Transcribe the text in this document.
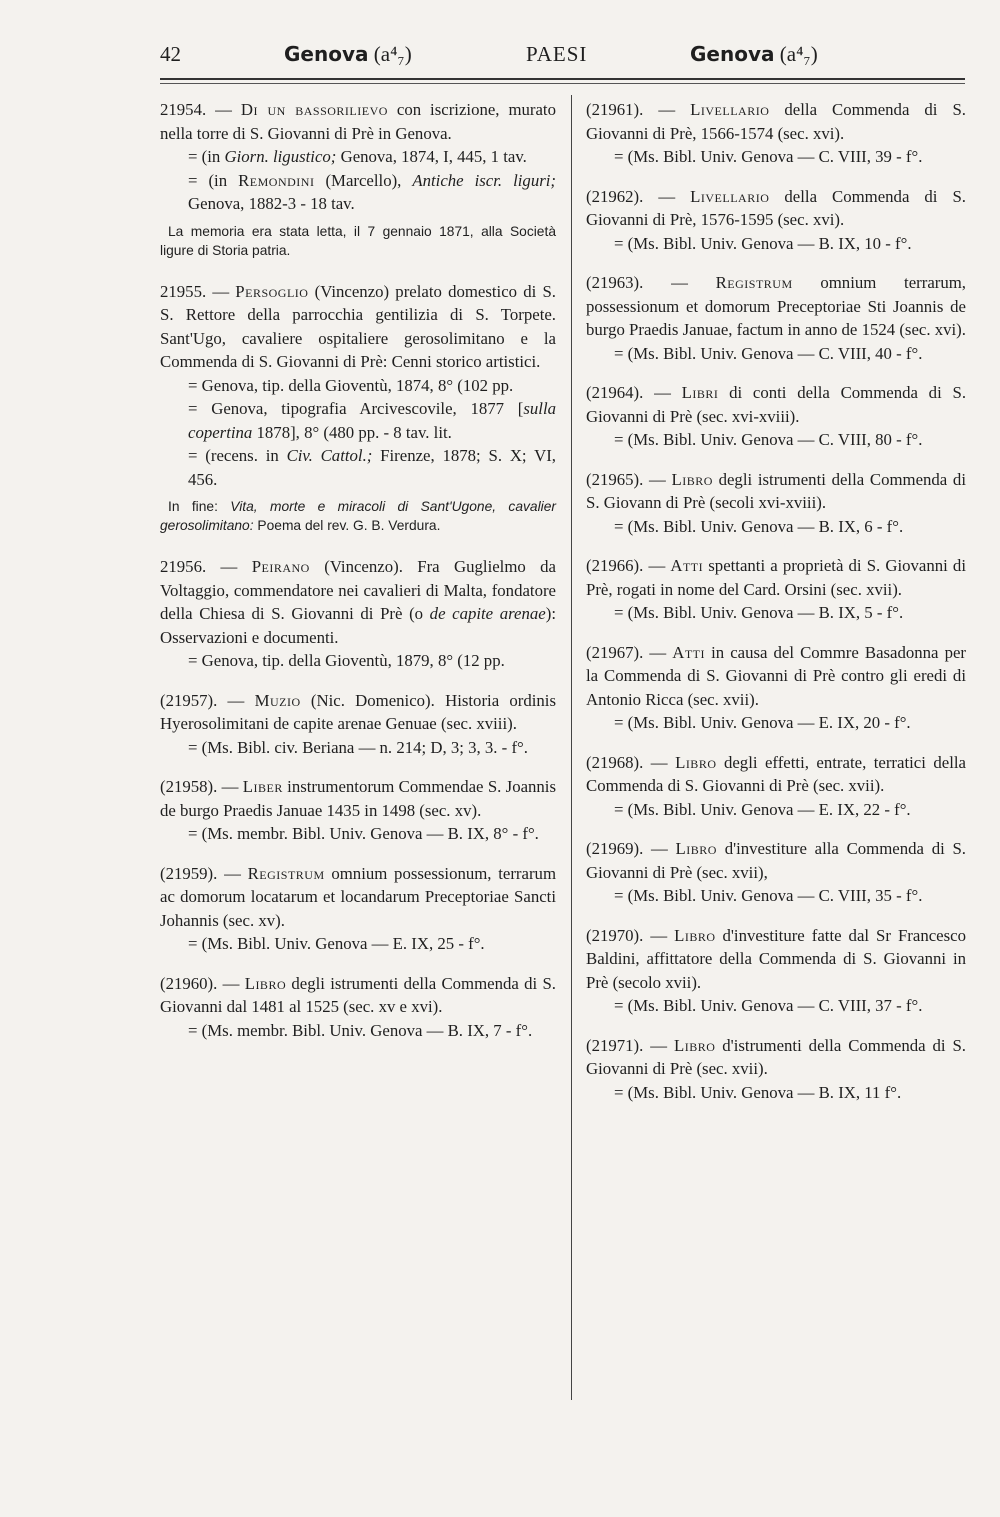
42	Genova (a⁴₇)	PAESI	Genova (a⁴₇)
21954. — Di un bassorilievo con iscrizione, murato nella torre di S. Giovanni di Prè in Genova.
= (in Giorn. ligustico; Genova, 1874, I, 445, 1 tav.
= (in Remondini (Marcello), Antiche iscr. liguri; Genova, 1882-3 - 18 tav.
La memoria era stata letta, il 7 gennaio 1871, alla Società ligure di Storia patria.
21955. — Persoglio (Vincenzo) prelato domestico di S. S. Rettore della parrocchia gentilizia di S. Torpete. Sant'Ugo, cavaliere ospitaliere gerosolimitano e la Commenda di S. Giovanni di Prè: Cenni storico artistici.
= Genova, tip. della Gioventù, 1874, 8° (102 pp.
= Genova, tipografia Arcivescovile, 1877 [sulla copertina 1878], 8° (480 pp. - 8 tav. lit.
= (recens. in Civ. Cattol.; Firenze, 1878; S. X; VI, 456.
In fine: Vita, morte e miracoli di Sant'Ugone, cavalier gerosolimitano: Poema del rev. G. B. Verdura.
21956. — Peirano (Vincenzo). Fra Guglielmo da Voltaggio, commendatore nei cavalieri di Malta, fondatore della Chiesa di S. Giovanni di Prè (o de capite arenae): Osservazioni e documenti.
= Genova, tip. della Gioventù, 1879, 8° (12 pp.
(21957). — Muzio (Nic. Domenico). Historia ordinis Hyerosolimitani de capite arenae Genuae (sec. xviii).
= (Ms. Bibl. civ. Beriana — n. 214; D, 3; 3, 3. - f°.
(21958). — Liber instrumentorum Commendae S. Joannis de burgo Praedis Januae 1435 in 1498 (sec. xv).
= (Ms. membr. Bibl. Univ. Genova — B. IX, 8° - f°.
(21959). — Registrum omnium possessionum, terrarum ac domorum locatarum et locandarum Preceptoriae Sancti Johannis (sec. xv).
= (Ms. Bibl. Univ. Genova — E. IX, 25 - f°.
(21960). — Libro degli istrumenti della Commenda di S. Giovanni dal 1481 al 1525 (sec. xv e xvi).
= (Ms. membr. Bibl. Univ. Genova — B. IX, 7 - f°.
(21961). — Livellario della Commenda di S. Giovanni di Prè, 1566-1574 (sec. xvi).
= (Ms. Bibl. Univ. Genova — C. VIII, 39 - f°.
(21962). — Livellario della Commenda di S. Giovanni di Prè, 1576-1595 (sec. xvi).
= (Ms. Bibl. Univ. Genova — B. IX, 10 - f°.
(21963). — Registrum omnium terrarum, possessionum et domorum Preceptoriae Sti Joannis de burgo Praedis Januae, factum in anno de 1524 (sec. xvi).
= (Ms. Bibl. Univ. Genova — C. VIII, 40 - f°.
(21964). — Libri di conti della Commenda di S. Giovanni di Prè (sec. xvi-xviii).
= (Ms. Bibl. Univ. Genova — C. VIII, 80 - f°.
(21965). — Libro degli istrumenti della Commenda di S. Giovann di Prè (secoli xvi-xviii).
= (Ms. Bibl. Univ. Genova — B. IX, 6 - f°.
(21966). — Atti spettanti a proprietà di S. Giovanni di Prè, rogati in nome del Card. Orsini (sec. xvii).
= (Ms. Bibl. Univ. Genova — B. IX, 5 - f°.
(21967). — Atti in causa del Commre Basadonna per la Commenda di S. Giovanni di Prè contro gli eredi di Antonio Ricca (sec. xvii).
= (Ms. Bibl. Univ. Genova — E. IX, 20 - f°.
(21968). — Libro degli effetti, entrate, terratici della Commenda di S. Giovanni di Prè (sec. xvii).
= (Ms. Bibl. Univ. Genova — E. IX, 22 - f°.
(21969). — Libro d'investiture alla Commenda di S. Giovanni di Prè (sec. xvii),
= (Ms. Bibl. Univ. Genova — C. VIII, 35 - f°.
(21970). — Libro d'investiture fatte dal Sr Francesco Baldini, affittatore della Commenda di S. Giovanni in Prè (secolo xvii).
= (Ms. Bibl. Univ. Genova — C. VIII, 37 - f°.
(21971). — Libro d'istrumenti della Commenda di S. Giovanni di Prè (sec. xvii).
= (Ms. Bibl. Univ. Genova — B. IX, 11 f°.
